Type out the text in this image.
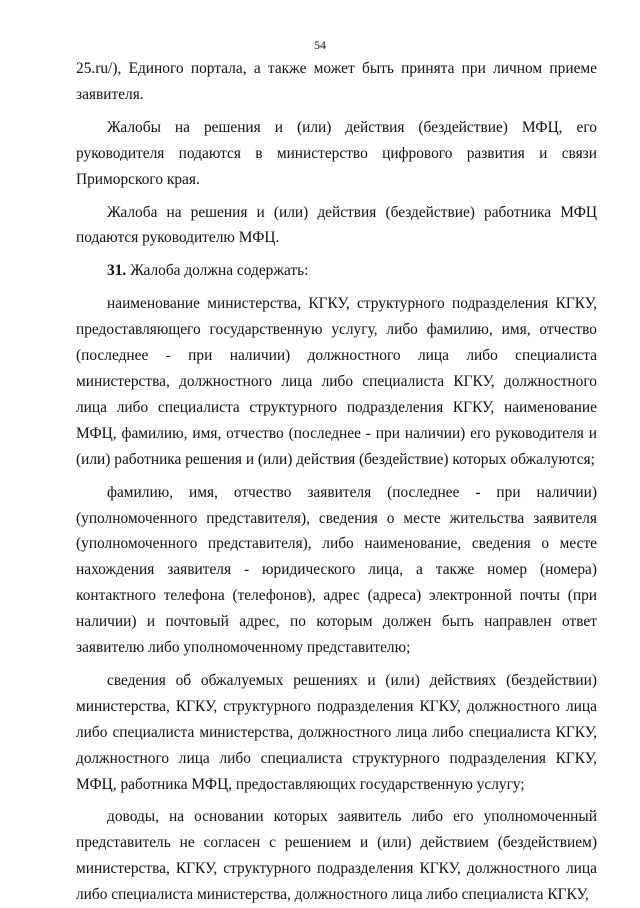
54

25.ru/), Единого портала, а также может быть принята при личном приеме заявителя.

Жалобы на решения и (или) действия (бездействие) МФЦ, его руководителя подаются в министерство цифрового развития и связи Приморского края.

Жалоба на решения и (или) действия (бездействие) работника МФЦ подаются руководителю МФЦ.

31. Жалоба должна содержать:

наименование министерства, КГКУ, структурного подразделения КГКУ, предоставляющего государственную услугу, либо фамилию, имя, отчество (последнее - при наличии) должностного лица либо специалиста министерства, должностного лица либо специалиста КГКУ, должностного лица либо специалиста структурного подразделения КГКУ, наименование МФЦ, фамилию, имя, отчество (последнее - при наличии) его руководителя и (или) работника решения и (или) действия (бездействие) которых обжалуются;

фамилию, имя, отчество заявителя (последнее - при наличии) (уполномоченного представителя), сведения о месте жительства заявителя (уполномоченного представителя), либо наименование, сведения о месте нахождения заявителя - юридического лица, а также номер (номера) контактного телефона (телефонов), адрес (адреса) электронной почты (при наличии) и почтовый адрес, по которым должен быть направлен ответ заявителю либо уполномоченному представителю;

сведения об обжалуемых решениях и (или) действиях (бездействии) министерства, КГКУ, структурного подразделения КГКУ, должностного лица либо специалиста министерства, должностного лица либо специалиста КГКУ, должностного лица либо специалиста структурного подразделения КГКУ, МФЦ, работника МФЦ, предоставляющих государственную услугу;

доводы, на основании которых заявитель либо его уполномоченный представитель не согласен с решением и (или) действием (бездействием) министерства, КГКУ, структурного подразделения КГКУ, должностного лица либо специалиста министерства, должностного лица либо специалиста КГКУ,
